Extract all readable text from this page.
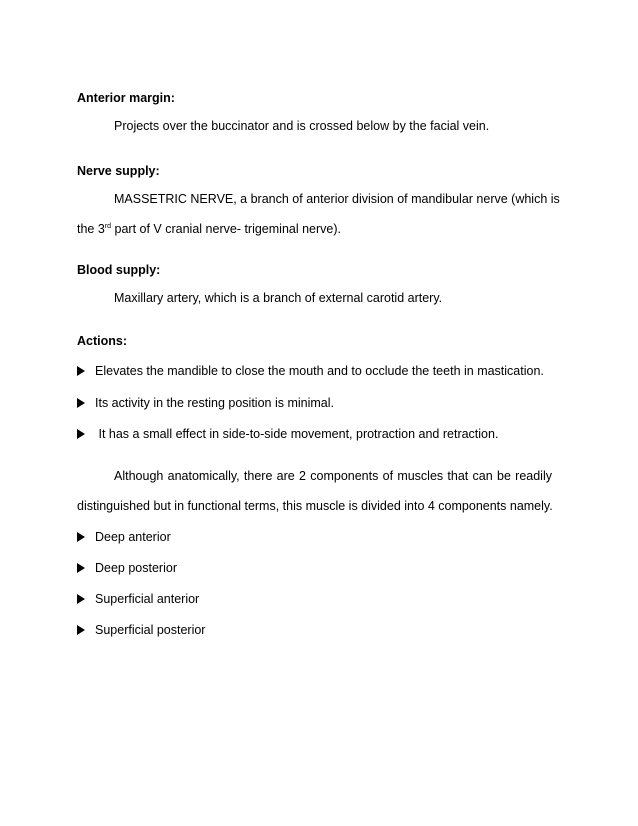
Anterior margin:
Projects over the buccinator and is crossed below by the facial vein.
Nerve supply:
MASSETRIC NERVE, a branch of anterior division of mandibular nerve (which is
the 3rd part of V cranial nerve- trigeminal nerve).
Blood supply:
Maxillary artery, which is a branch of external carotid artery.
Actions:
Elevates the mandible to close the mouth and to occlude the teeth in mastication.
Its activity in the resting position is minimal.
It has a small effect in side-to-side movement, protraction and retraction.
Although anatomically, there are 2 components of muscles that can be readily
distinguished but in functional terms, this muscle is divided into 4 components namely.
Deep anterior
Deep posterior
Superficial anterior
Superficial posterior
